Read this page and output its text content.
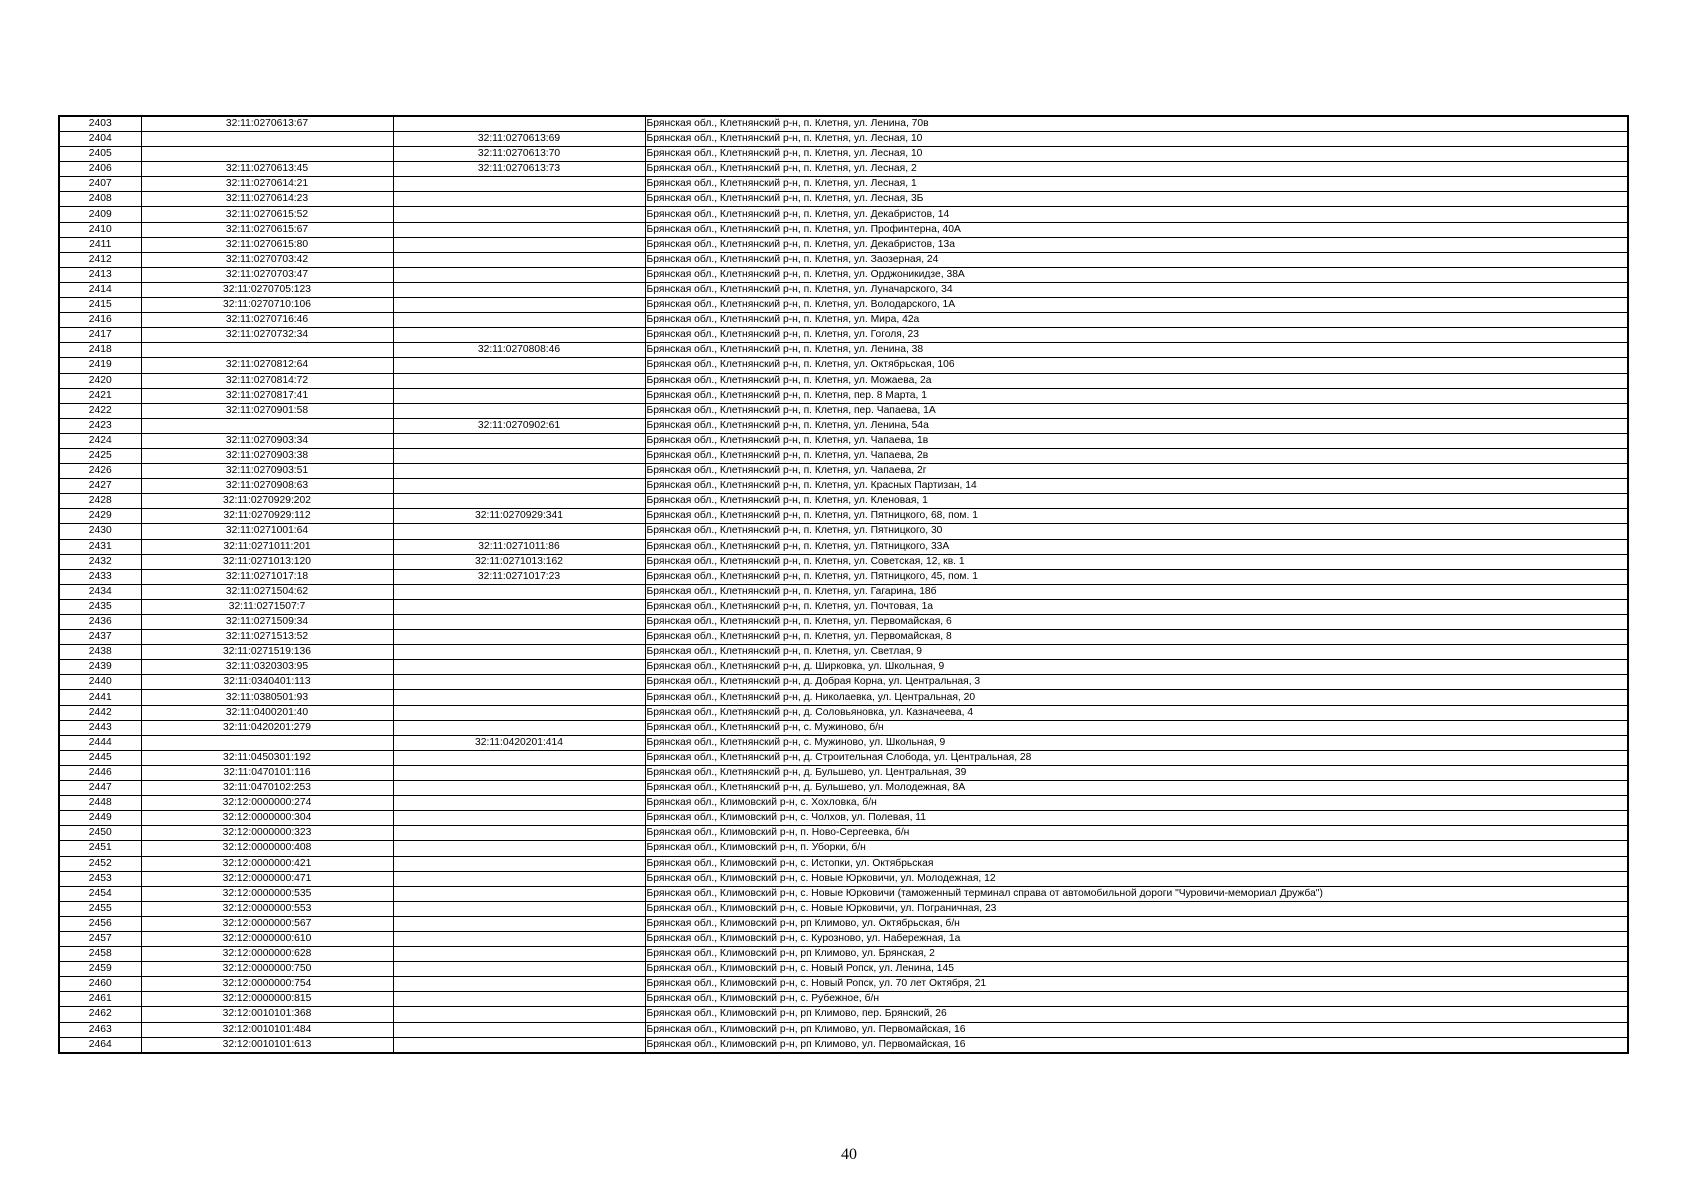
2403	32:11:0270613:67		Брянская обл., Клетнянский р-н, п. Клетня, ул. Ленина, 70в
2404		32:11:0270613:69	Брянская обл., Клетнянский р-н, п. Клетня, ул. Лесная, 10
2405		32:11:0270613:70	Брянская обл., Клетнянский р-н, п. Клетня, ул. Лесная, 10
2406	32:11:0270613:45	32:11:0270613:73	Брянская обл., Клетнянский р-н, п. Клетня, ул. Лесная, 2
2407	32:11:0270614:21		Брянская обл., Клетнянский р-н, п. Клетня, ул. Лесная, 1
2408	32:11:0270614:23		Брянская обл., Клетнянский р-н, п. Клетня, ул. Лесная, 3Б
2409	32:11:0270615:52		Брянская обл., Клетнянский р-н, п. Клетня, ул. Декабристов, 14
2410	32:11:0270615:67		Брянская обл., Клетнянский р-н, п. Клетня, ул. Профинтерна, 40А
2411	32:11:0270615:80		Брянская обл., Клетнянский р-н, п. Клетня, ул. Декабристов, 13а
2412	32:11:0270703:42		Брянская обл., Клетнянский р-н, п. Клетня, ул. Заозерная, 24
2413	32:11:0270703:47		Брянская обл., Клетнянский р-н, п. Клетня, ул. Орджоникидзе, 38А
2414	32:11:0270705:123		Брянская обл., Клетнянский р-н, п. Клетня, ул. Луначарского, 34
2415	32:11:0270710:106		Брянская обл., Клетнянский р-н, п. Клетня, ул. Володарского, 1А
2416	32:11:0270716:46		Брянская обл., Клетнянский р-н, п. Клетня, ул. Мира, 42а
2417	32:11:0270732:34		Брянская обл., Клетнянский р-н, п. Клетня, ул. Гоголя, 23
2418		32:11:0270808:46	Брянская обл., Клетнянский р-н, п. Клетня, ул. Ленина, 38
2419	32:11:0270812:64		Брянская обл., Клетнянский р-н, п. Клетня, ул. Октябрьская, 106
2420	32:11:0270814:72		Брянская обл., Клетнянский р-н, п. Клетня, ул. Можаева, 2а
2421	32:11:0270817:41		Брянская обл., Клетнянский р-н, п. Клетня, пер. 8 Марта, 1
2422	32:11:0270901:58		Брянская обл., Клетнянский р-н, п. Клетня, пер. Чапаева, 1А
2423		32:11:0270902:61	Брянская обл., Клетнянский р-н, п. Клетня, ул. Ленина, 54а
2424	32:11:0270903:34		Брянская обл., Клетнянский р-н, п. Клетня, ул. Чапаева, 1в
2425	32:11:0270903:38		Брянская обл., Клетнянский р-н, п. Клетня, ул. Чапаева, 2в
2426	32:11:0270903:51		Брянская обл., Клетнянский р-н, п. Клетня, ул. Чапаева, 2г
2427	32:11:0270908:63		Брянская обл., Клетнянский р-н, п. Клетня, ул. Красных Партизан, 14
2428	32:11:0270929:202		Брянская обл., Клетнянский р-н, п. Клетня, ул. Кленовая, 1
2429	32:11:0270929:112	32:11:0270929:341	Брянская обл., Клетнянский р-н, п. Клетня, ул. Пятницкого, 68, пом. 1
2430	32:11:0271001:64		Брянская обл., Клетнянский р-н, п. Клетня, ул. Пятницкого, 30
2431	32:11:0271011:201	32:11:0271011:86	Брянская обл., Клетнянский р-н, п. Клетня, ул. Пятницкого, 33А
2432	32:11:0271013:120	32:11:0271013:162	Брянская обл., Клетнянский р-н, п. Клетня, ул. Советская, 12, кв. 1
2433	32:11:0271017:18	32:11:0271017:23	Брянская обл., Клетнянский р-н, п. Клетня, ул. Пятницкого, 45, пом. 1
2434	32:11:0271504:62		Брянская обл., Клетнянский р-н, п. Клетня, ул. Гагарина, 18б
2435	32:11:0271507:7		Брянская обл., Клетнянский р-н, п. Клетня, ул. Почтовая, 1а
2436	32:11:0271509:34		Брянская обл., Клетнянский р-н, п. Клетня, ул. Первомайская, 6
2437	32:11:0271513:52		Брянская обл., Клетнянский р-н, п. Клетня, ул. Первомайская, 8
2438	32:11:0271519:136		Брянская обл., Клетнянский р-н, п. Клетня, ул. Светлая, 9
2439	32:11:0320303:95		Брянская обл., Клетнянский р-н, д. Ширковка, ул. Школьная, 9
2440	32:11:0340401:113		Брянская обл., Клетнянский р-н, д. Добрая Корна, ул. Центральная, 3
2441	32:11:0380501:93		Брянская обл., Клетнянский р-н, д. Николаевка, ул. Центральная, 20
2442	32:11:0400201:40		Брянская обл., Клетнянский р-н, д. Соловьяновка, ул. Казначеева, 4
2443	32:11:0420201:279		Брянская обл., Клетнянский р-н, с. Мужиново, б/н
2444		32:11:0420201:414	Брянская обл., Клетнянский р-н, с. Мужиново, ул. Школьная, 9
2445	32:11:0450301:192		Брянская обл., Клетнянский р-н, д. Строительная Слобода, ул. Центральная, 28
2446	32:11:0470101:116		Брянская обл., Клетнянский р-н, д. Бульшево, ул. Центральная, 39
2447	32:11:0470102:253		Брянская обл., Клетнянский р-н, д. Бульшево, ул. Молодежная, 8А
2448	32:12:0000000:274		Брянская обл., Климовский р-н, с. Хохловка, б/н
2449	32:12:0000000:304		Брянская обл., Климовский р-н, с. Чолхов, ул. Полевая, 11
2450	32:12:0000000:323		Брянская обл., Климовский р-н, п. Ново-Сергеевка, б/н
2451	32:12:0000000:408		Брянская обл., Климовский р-н, п. Уборки, б/н
2452	32:12:0000000:421		Брянская обл., Климовский р-н, с. Истопки, ул. Октябрьская
2453	32:12:0000000:471		Брянская обл., Климовский р-н, с. Новые Юрковичи, ул. Молодежная, 12
2454	32:12:0000000:535		Брянская обл., Климовский р-н, с. Новые Юрковичи (таможенный терминал справа от автомобильной дороги "Чуровичи-мемориал Дружба")
2455	32:12:0000000:553		Брянская обл., Климовский р-н, с. Новые Юрковичи, ул. Пограничная, 23
2456	32:12:0000000:567		Брянская обл., Климовский р-н, рп Климово, ул. Октябрьская, б/н
2457	32:12:0000000:610		Брянская обл., Климовский р-н, с. Курозново, ул. Набережная, 1а
2458	32:12:0000000:628		Брянская обл., Климовский р-н, рп Климово, ул. Брянская, 2
2459	32:12:0000000:750		Брянская обл., Климовский р-н, с. Новый Ропск, ул. Ленина, 145
2460	32:12:0000000:754		Брянская обл., Климовский р-н, с. Новый Ропск, ул. 70 лет Октября, 21
2461	32:12:0000000:815		Брянская обл., Климовский р-н, с. Рубежное, б/н
2462	32:12:0010101:368		Брянская обл., Климовский р-н, рп Климово, пер. Брянский, 26
2463	32:12:0010101:484		Брянская обл., Климовский р-н, рп Климово, ул. Первомайская, 16
2464	32:12:0010101:613		Брянская обл., Климовский р-н, рп Климово, ул. Первомайская, 16
40
